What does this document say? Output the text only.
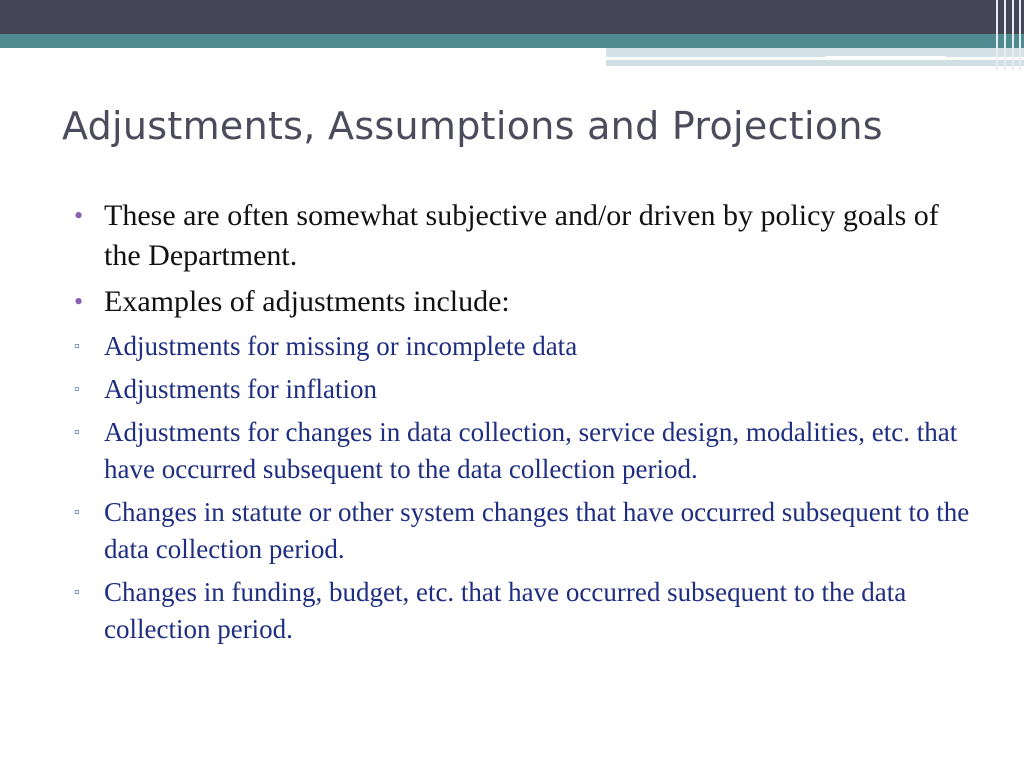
Adjustments, Assumptions and Projections
• These are often somewhat subjective and/or driven by policy goals of the Department.
• Examples of adjustments include:
▫ Adjustments for missing or incomplete data
▫ Adjustments for inflation
▫ Adjustments for changes in data collection, service design, modalities, etc. that have occurred subsequent to the data collection period.
▫ Changes in statute or other system changes that have occurred subsequent to the data collection period.
▫ Changes in funding, budget, etc. that have occurred subsequent to the data collection period.
